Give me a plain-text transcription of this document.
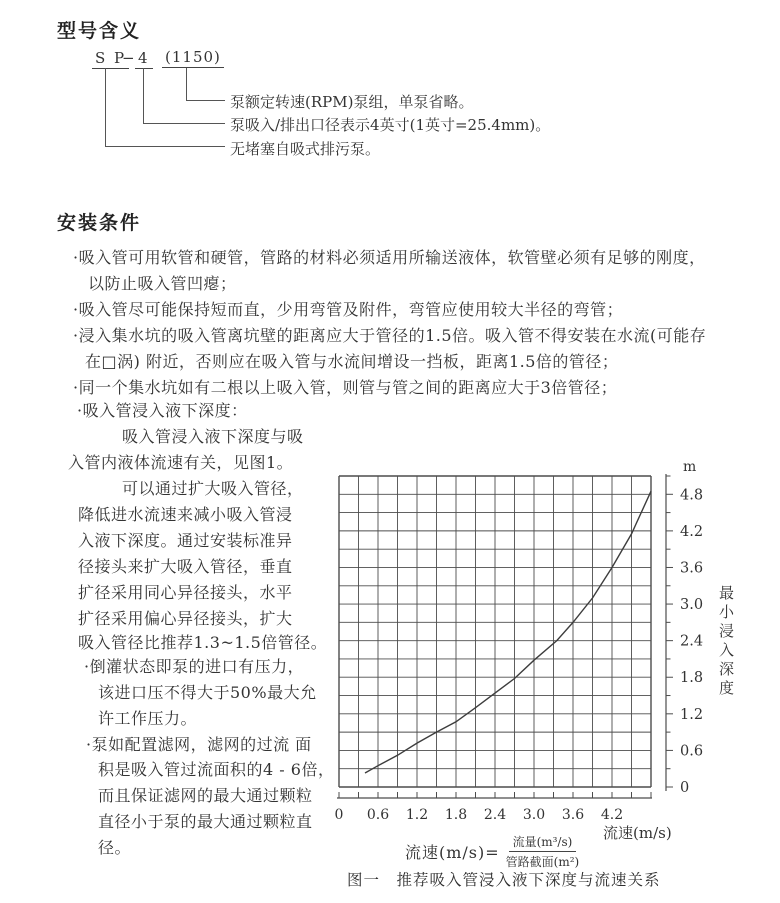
型号含义
S P
− 4 (1150)
泵额定转速(RPM)泵组，单泵省略。
泵吸入/排出口径表示4英寸(1英寸=25.4mm)。
无堵塞自吸式排污泵。
安装条件
·吸入管可用软管和硬管，管路的材料必须适用所输送液体，软管壁必须有足够的刚度，
以防止吸入管凹瘪；
·吸入管尽可能保持短而直，少用弯管及附件，弯管应使用较大半径的弯管；
·浸入集水坑的吸入管离坑壁的距离应大于管径的1.5倍。吸入管不得安装在水流(可能存
在□涡) 附近，否则应在吸入管与水流间增设一挡板，距离1.5倍的管径；
·同一个集水坑如有二根以上吸入管，则管与管之间的距离应大于3倍管径；
·吸入管浸入液下深度：
吸入管浸入液下深度与吸
入管内液体流速有关，见图1。
可以通过扩大吸入管径，
降低进水流速来减小吸入管浸
入液下深度。通过安装标准异
径接头来扩大吸入管径，垂直
扩径采用同心异径接头，水平
扩径采用偏心异径接头，扩大
吸入管径比推荐1.3~1.5倍管径。
·倒灌状态即泵的进口有压力，
该进口压不得大于50%最大允
许工作压力。
·泵如配置滤网，滤网的过流 面
积是吸入管过流面积的4 - 6倍，
而且保证滤网的最大通过颗粒
直径小于泵的最大通过颗粒直
径。
0 0.6 1.2 1.8 2.4 3.0 3.6 4.2
0
0.6
1.2
1.8
2.4
3.0
3.6
4.2
4.8
m
最小浸入深度
流速(m/s)
流速$(m/s)= \frac{\text{流量(m³/s)}}{\text{管路截面(m²)}}$
图一　推荐吸入管浸入液下深度与流速关系
